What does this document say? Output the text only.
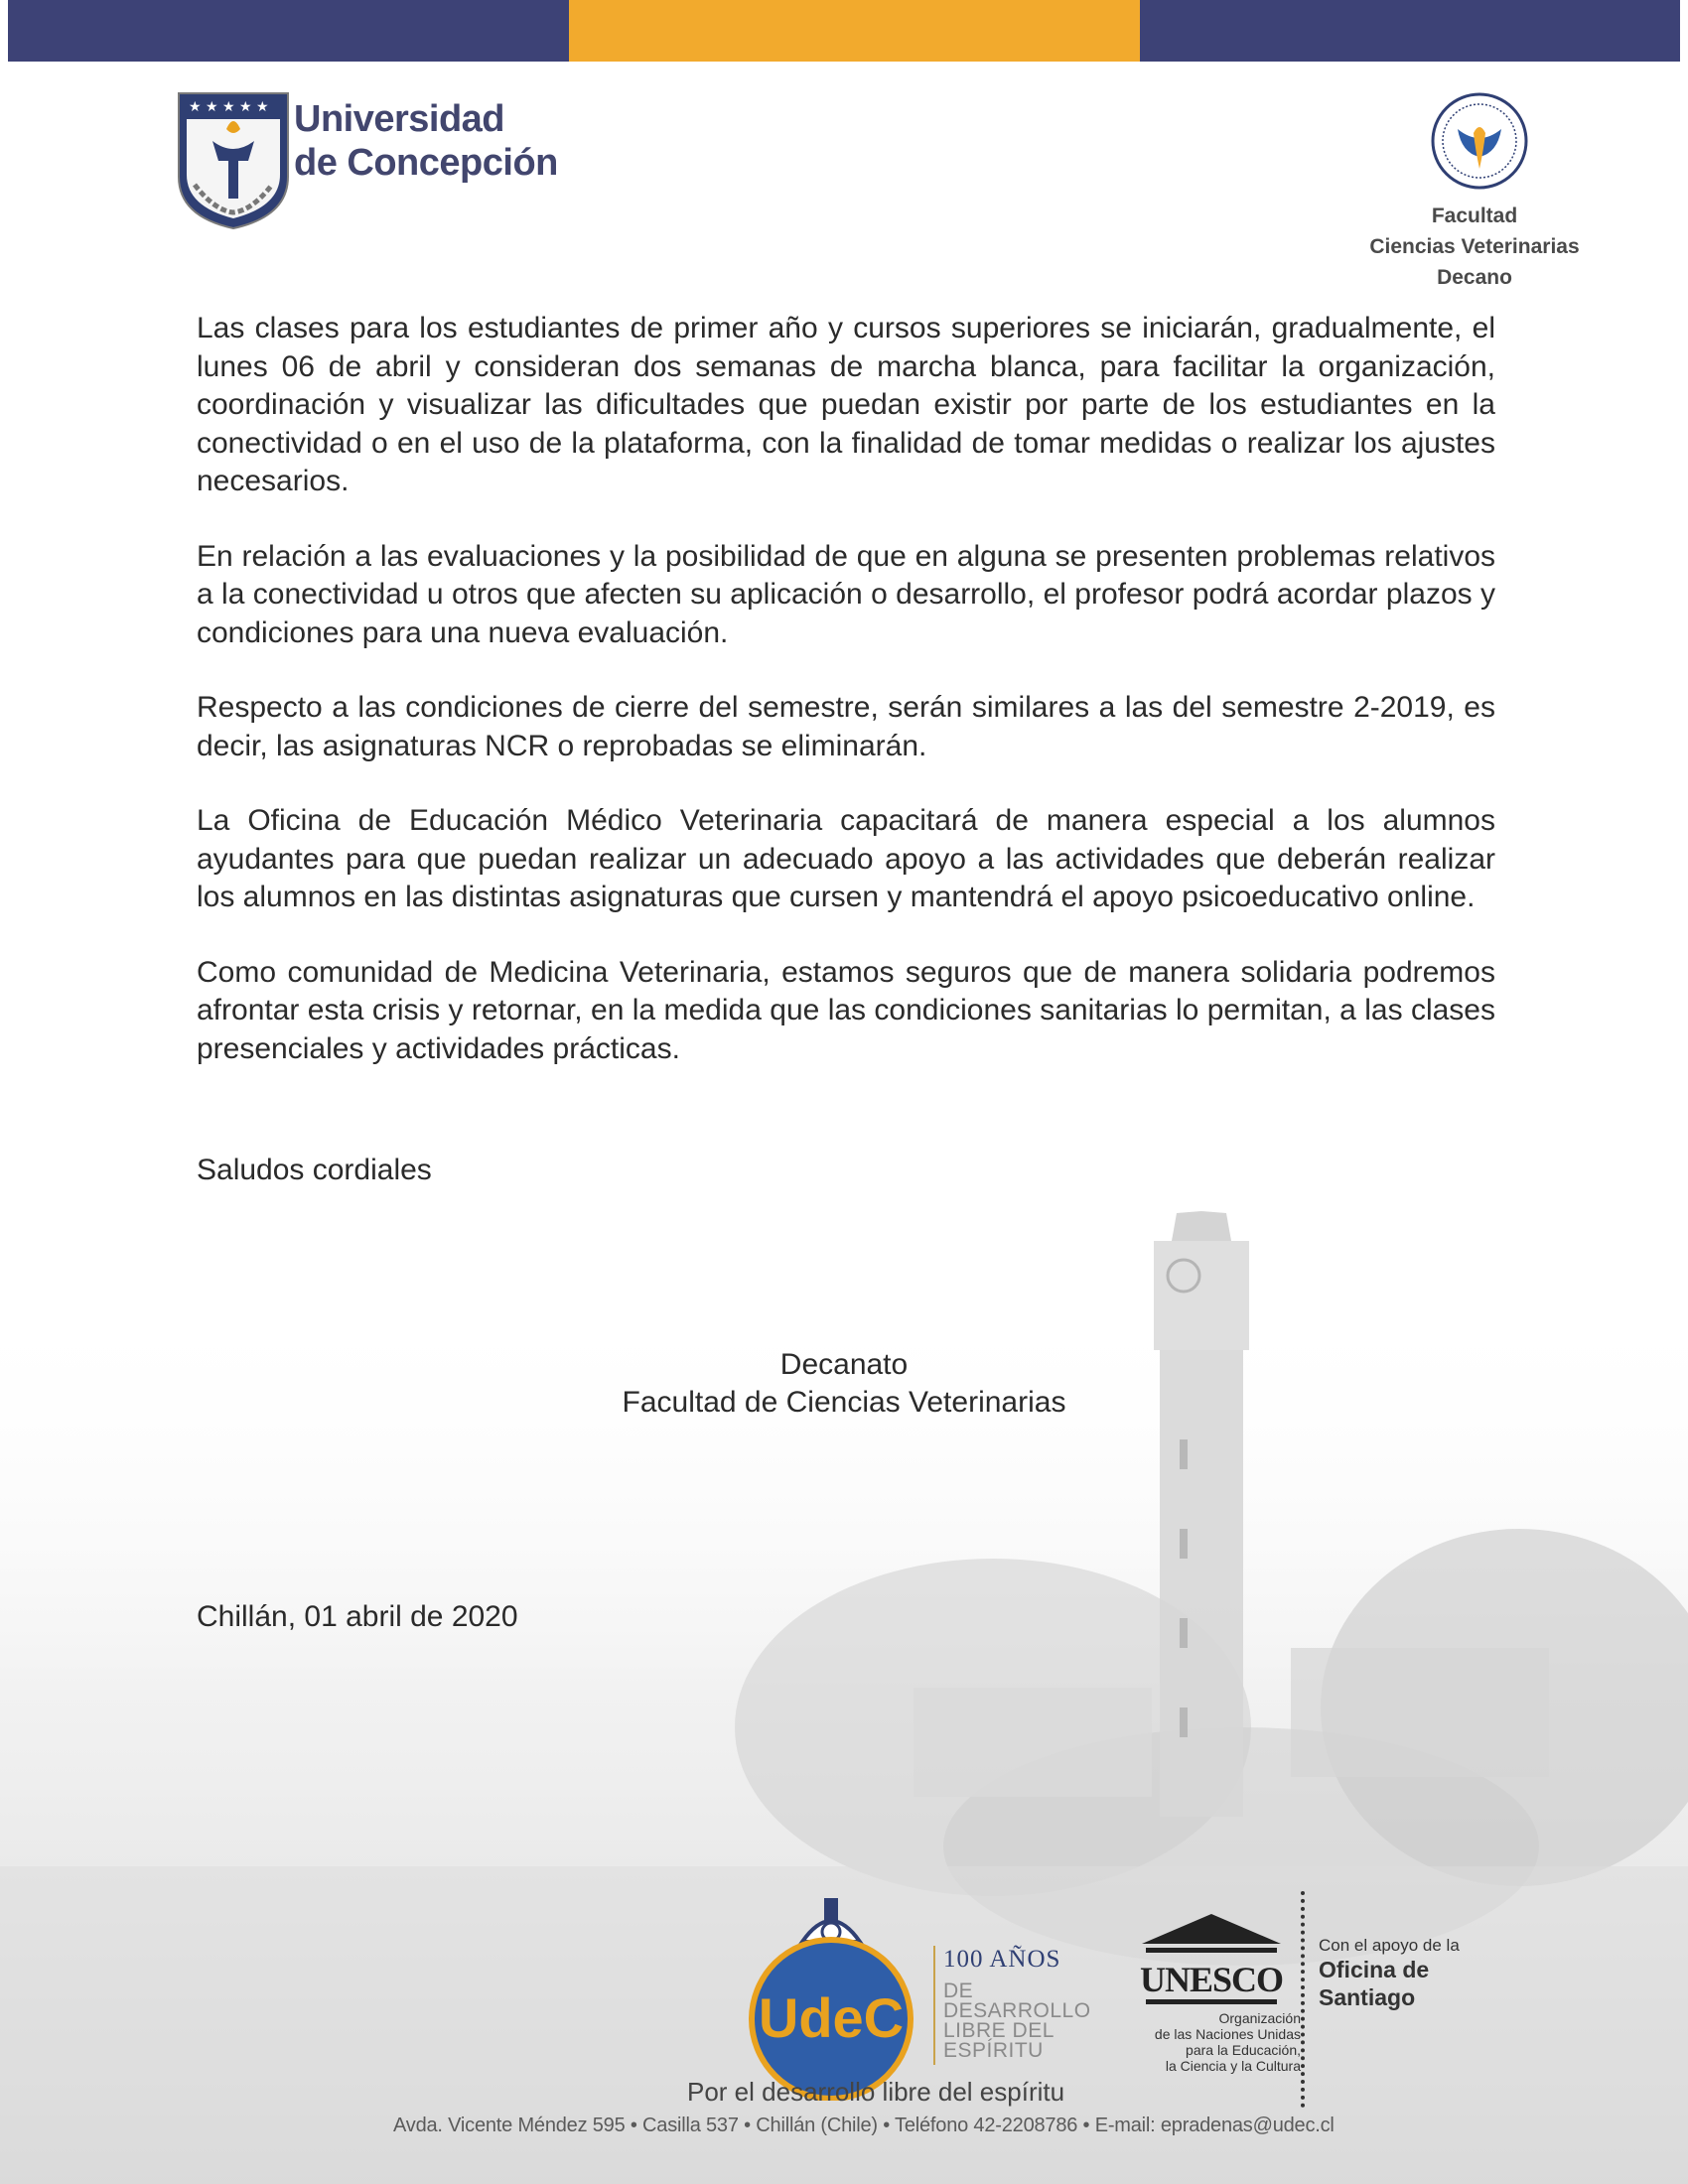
★ ★ ★ ★ ★ Universidad
de Concepción
Facultad
Ciencias Veterinarias
Decano

Las clases para los estudiantes de primer año y cursos superiores se iniciarán, gradualmente, el lunes 06 de abril y consideran dos semanas de marcha blanca, para facilitar la organización, coordinación y visualizar las dificultades que puedan existir por parte de los estudiantes en la conectividad o en el uso de la plataforma, con la finalidad de tomar medidas o realizar los ajustes necesarios.

En relación a las evaluaciones y la posibilidad de que en alguna se presenten problemas relativos a la conectividad u otros que afecten su aplicación o desarrollo, el profesor podrá acordar plazos y condiciones para una nueva evaluación.

Respecto a las condiciones de cierre del semestre, serán similares a las del semestre 2-2019, es decir, las asignaturas NCR o reprobadas se eliminarán.

La Oficina de Educación Médico Veterinaria capacitará de manera especial a los alumnos ayudantes para que puedan realizar un adecuado apoyo a las actividades que deberán realizar los alumnos en las distintas asignaturas que cursen y mantendrá el apoyo psicoeducativo online.

Como comunidad de Medicina Veterinaria, estamos seguros que de manera solidaria podremos afrontar esta crisis y retornar, en la medida que las condiciones sanitarias lo permitan, a las clases presenciales y actividades prácticas.

Saludos cordiales
Decanato
Facultad de Ciencias Veterinarias
Chillán, 01 abril de 2020
UdeC
100 AÑOS
DE
DESARROLLO
LIBRE DEL
ESPÍRITU
UNESCO
Organización
de las Naciones Unidas
para la Educación,
la Ciencia y la Cultura
Con el apoyo de la
Oficina de
Santiago
Por el desarrollo libre del espíritu
Avda. Vicente Méndez 595 • Casilla 537 • Chillán (Chile) • Teléfono 42-2208786 • E-mail: epradenas@udec.cl
